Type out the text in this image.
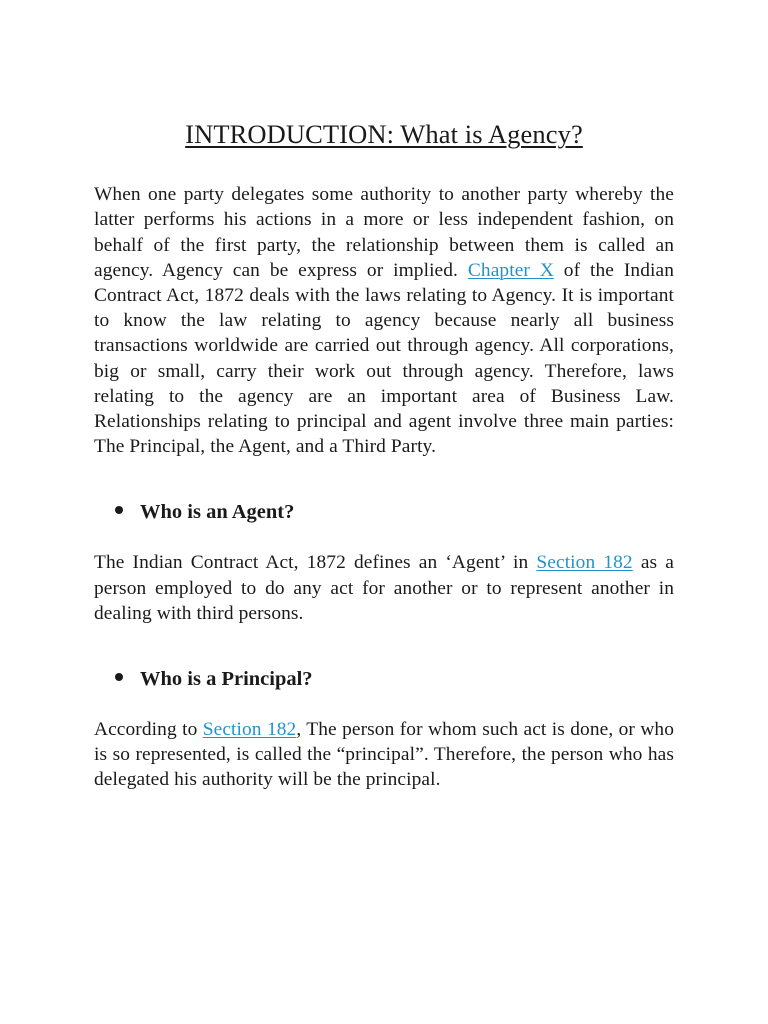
INTRODUCTION: What is Agency?

When one party delegates some authority to another party whereby the latter performs his actions in a more or less independent fashion, on behalf of the first party, the relationship between them is called an agency. Agency can be express or implied. Chapter X of the Indian Contract Act, 1872 deals with the laws relating to Agency. It is important to know the law relating to agency because nearly all business transactions worldwide are carried out through agency. All corporations, big or small, carry their work out through agency. Therefore, laws relating to the agency are an important area of Business Law. Relationships relating to principal and agent involve three main parties: The Principal, the Agent, and a Third Party.

Who is an Agent?

The Indian Contract Act, 1872 defines an ‘Agent’ in Section 182 as a person employed to do any act for another or to represent another in dealing with third persons.

Who is a Principal?

According to Section 182, The person for whom such act is done, or who is so represented, is called the “principal”. Therefore, the person who has delegated his authority will be the principal.
